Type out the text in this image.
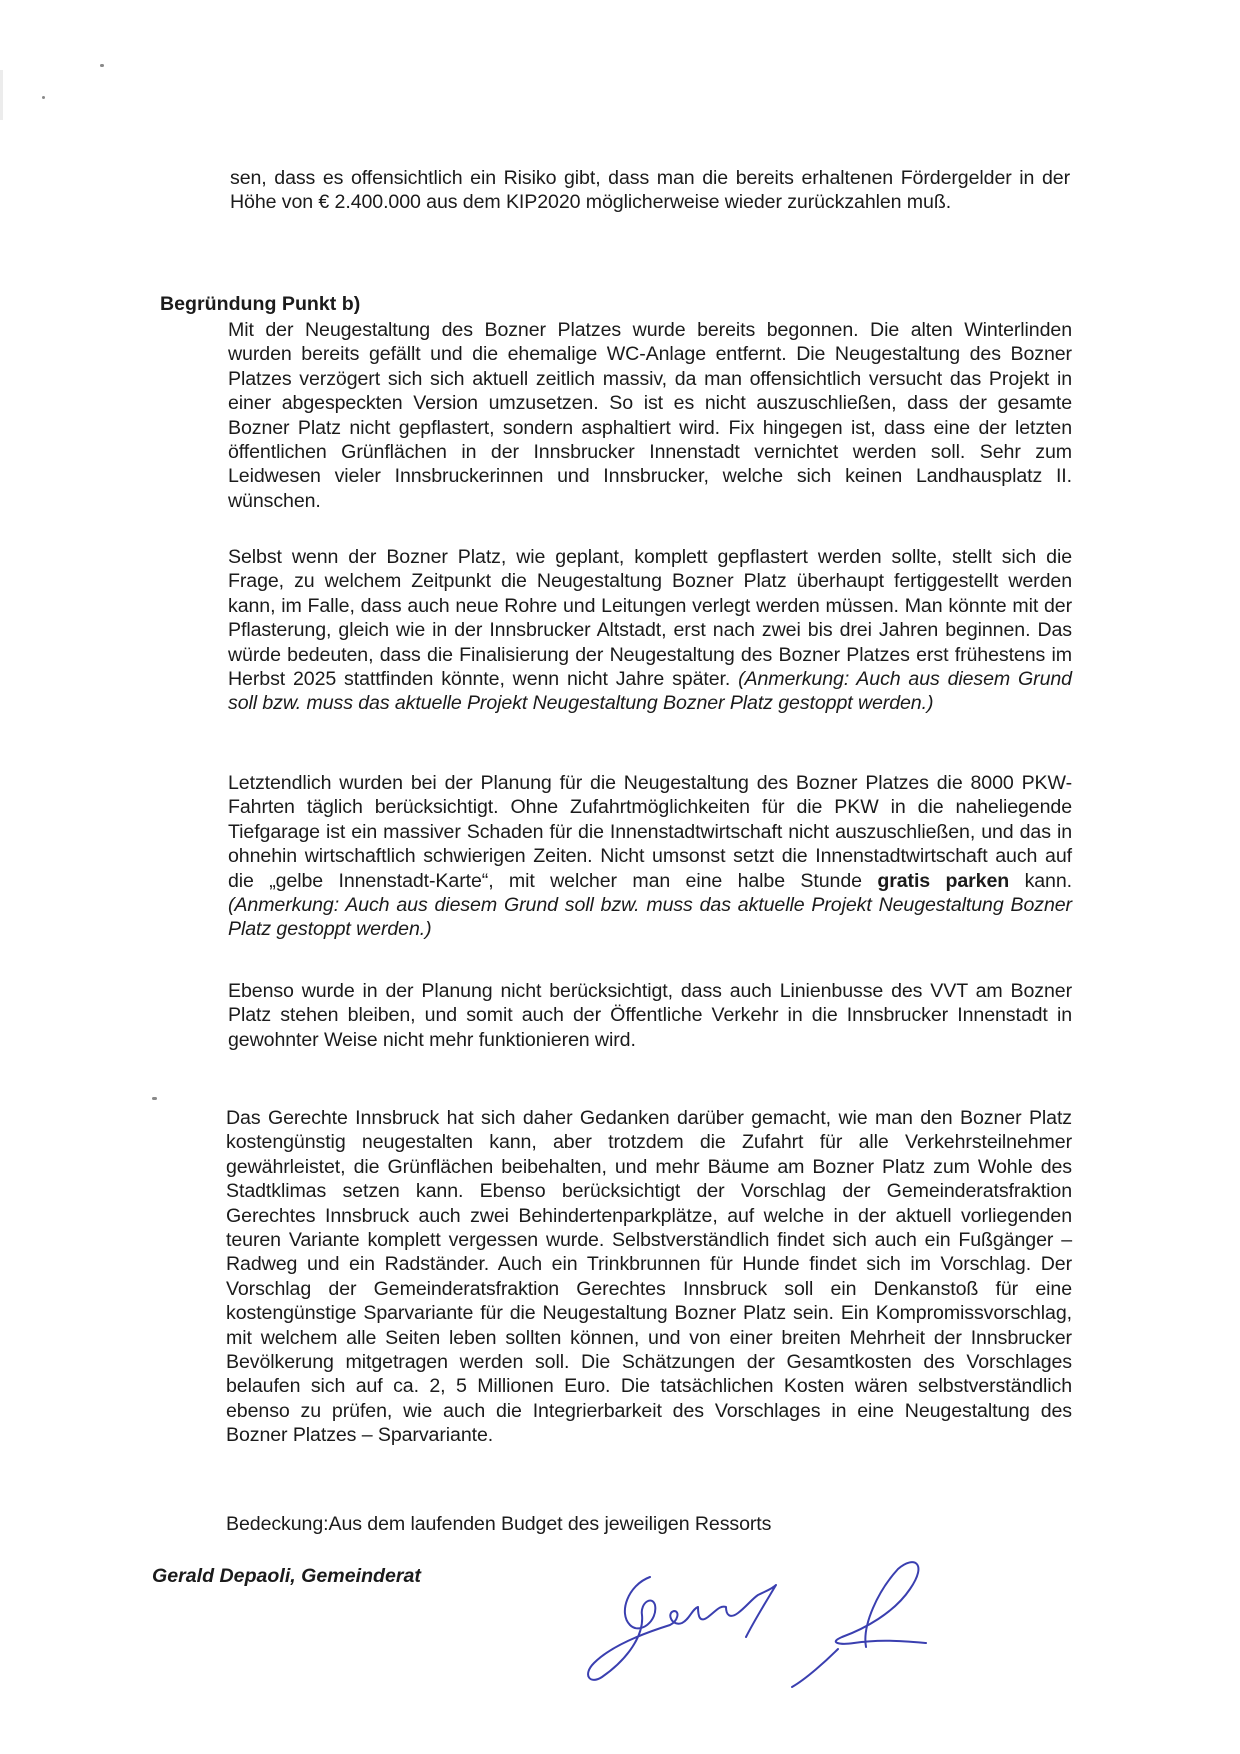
sen, dass es offensichtlich ein Risiko gibt, dass man die bereits erhaltenen Fördergelder in der Höhe von € 2.400.000 aus dem KIP2020 möglicherweise wieder zurückzahlen muß.

Begründung Punkt b)

Mit der Neugestaltung des Bozner Platzes wurde bereits begonnen. Die alten Winterlinden wurden bereits gefällt und die ehemalige WC-Anlage entfernt. Die Neugestaltung des Bozner Platzes verzögert sich sich aktuell zeitlich massiv, da man offensichtlich versucht das Projekt in einer abgespeckten Version umzusetzen. So ist es nicht auszuschließen, dass der gesamte Bozner Platz nicht gepflastert, sondern asphaltiert wird. Fix hingegen ist, dass eine der letzten öffentlichen Grünflächen in der Innsbrucker Innenstadt vernichtet werden soll. Sehr zum Leidwesen vieler Innsbruckerinnen und Innsbrucker, welche sich keinen Landhausplatz II. wünschen.

Selbst wenn der Bozner Platz, wie geplant, komplett gepflastert werden sollte, stellt sich die Frage, zu welchem Zeitpunkt die Neugestaltung Bozner Platz überhaupt fertiggestellt werden kann, im Falle, dass auch neue Rohre und Leitungen verlegt werden müssen. Man könnte mit der Pflasterung, gleich wie in der Innsbrucker Altstadt, erst nach zwei bis drei Jahren beginnen. Das würde bedeuten, dass die Finalisierung der Neugestaltung des Bozner Platzes erst frühestens im Herbst 2025 stattfinden könnte, wenn nicht Jahre später. (Anmerkung: Auch aus diesem Grund soll bzw. muss das aktuelle Projekt Neugestaltung Bozner Platz gestoppt werden.)

Letztendlich wurden bei der Planung für die Neugestaltung des Bozner Platzes die 8000 PKW-Fahrten täglich berücksichtigt. Ohne Zufahrtmöglichkeiten für die PKW in die naheliegende Tiefgarage ist ein massiver Schaden für die Innenstadtwirtschaft nicht auszuschließen, und das in ohnehin wirtschaftlich schwierigen Zeiten. Nicht umsonst setzt die Innenstadtwirtschaft auch auf die „gelbe Innenstadt-Karte“, mit welcher man eine halbe Stunde gratis parken kann. (Anmerkung: Auch aus diesem Grund soll bzw. muss das aktuelle Projekt Neugestaltung Bozner Platz gestoppt werden.)

Ebenso wurde in der Planung nicht berücksichtigt, dass auch Linienbusse des VVT am Bozner Platz stehen bleiben, und somit auch der Öffentliche Verkehr in die Innsbrucker Innenstadt in gewohnter Weise nicht mehr funktionieren wird.

Das Gerechte Innsbruck hat sich daher Gedanken darüber gemacht, wie man den Bozner Platz kostengünstig neugestalten kann, aber trotzdem die Zufahrt für alle Verkehrsteilnehmer gewährleistet, die Grünflächen beibehalten, und mehr Bäume am Bozner Platz zum Wohle des Stadtklimas setzen kann. Ebenso berücksichtigt der Vorschlag der Gemeinderatsfraktion Gerechtes Innsbruck auch zwei Behindertenparkplätze, auf welche in der aktuell vorliegenden teuren Variante komplett vergessen wurde. Selbstverständlich findet sich auch ein Fußgänger – Radweg und ein Radständer. Auch ein Trinkbrunnen für Hunde findet sich im Vorschlag. Der Vorschlag der Gemeinderatsfraktion Gerechtes Innsbruck soll ein Denkanstoß für eine kostengünstige Sparvariante für die Neugestaltung Bozner Platz sein. Ein Kompromissvorschlag, mit welchem alle Seiten leben sollten können, und von einer breiten Mehrheit der Innsbrucker Bevölkerung mitgetragen werden soll. Die Schätzungen der Gesamtkosten des Vorschlages belaufen sich auf ca. 2, 5 Millionen Euro. Die tatsächlichen Kosten wären selbstverständlich ebenso zu prüfen, wie auch die Integrierbarkeit des Vorschlages in eine Neugestaltung des Bozner Platzes – Sparvariante.

Bedeckung:Aus dem laufenden Budget des jeweiligen Ressorts

Gerald Depaoli, Gemeinderat
